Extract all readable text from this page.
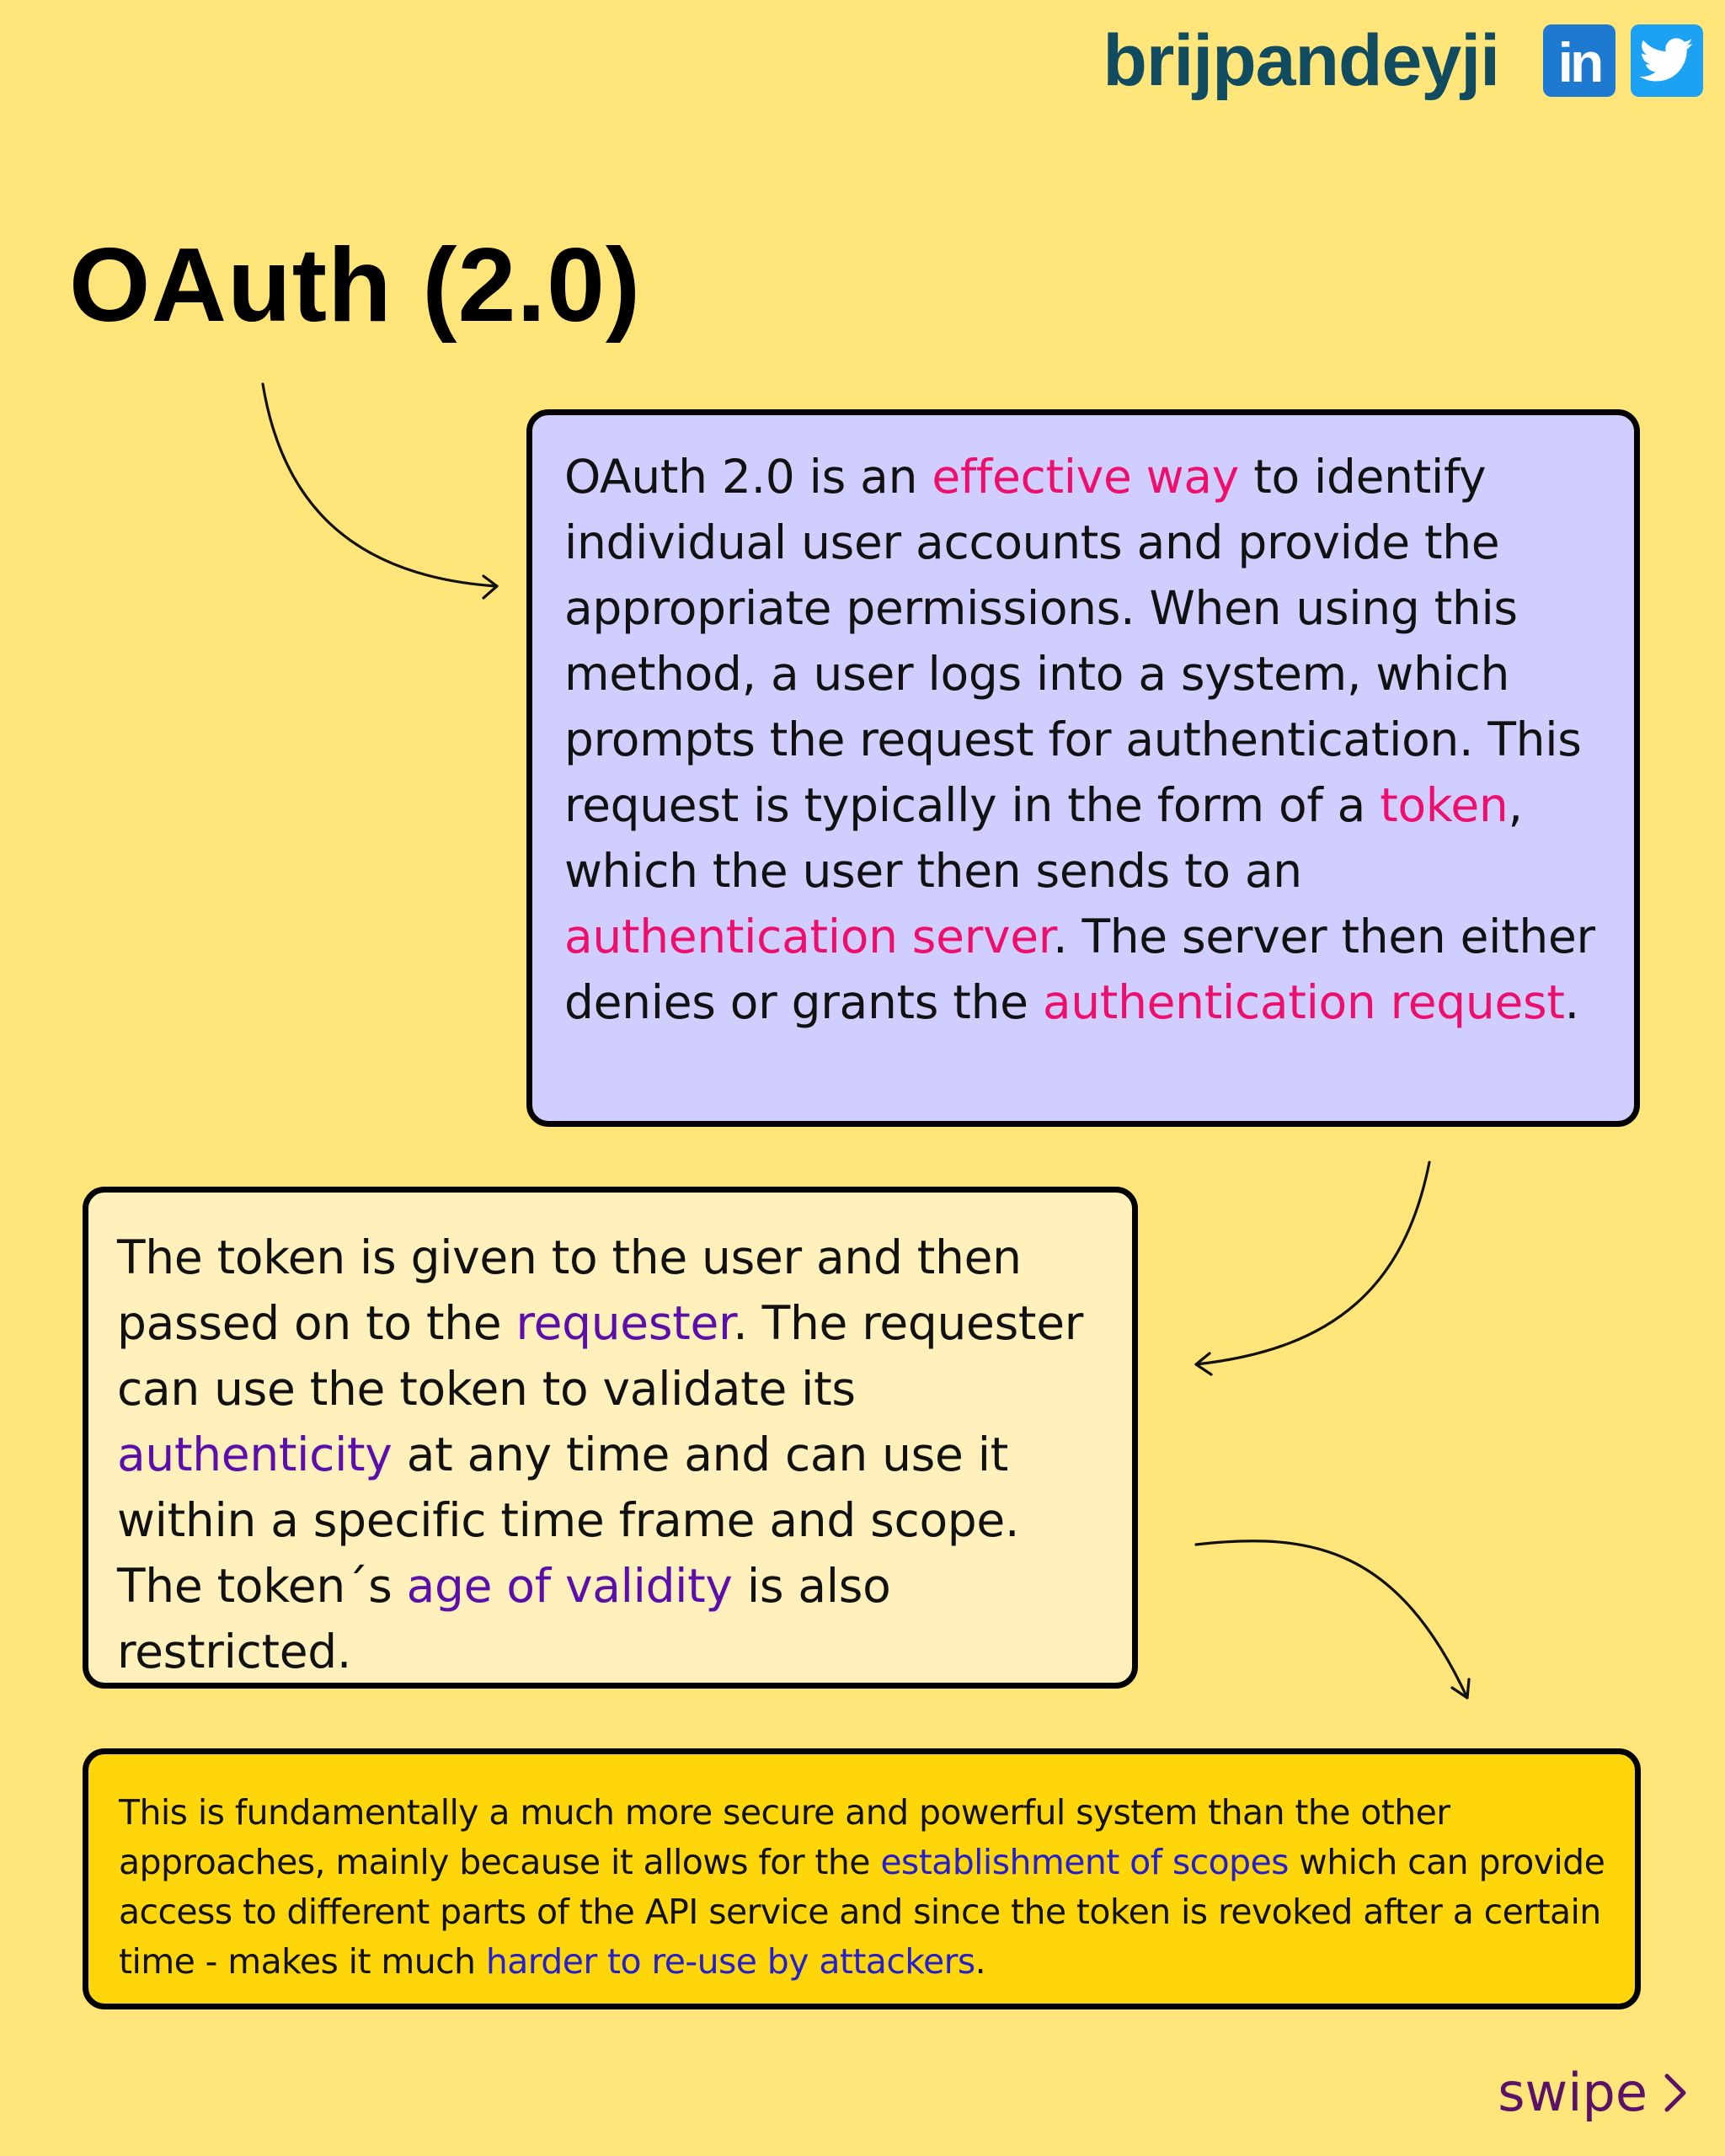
brijpandeyji in
OAuth (2.0)

OAuth 2.0 is an effective way to identify individual user accounts and provide the appropriate permissions. When using this method, a user logs into a system, which prompts the request for authentication. This request is typically in the form of a token, which the user then sends to an authentication server. The server then either denies or grants the authentication request.

The token is given to the user and then passed on to the requester. The requester can use the token to validate its authenticity at any time and can use it within a specific time frame and scope. The token´s age of validity is also restricted.

This is fundamentally a much more secure and powerful system than the other approaches, mainly because it allows for the establishment of scopes which can provide access to different parts of the API service and since the token is revoked after a certain time - makes it much harder to re-use by attackers.

swipe
